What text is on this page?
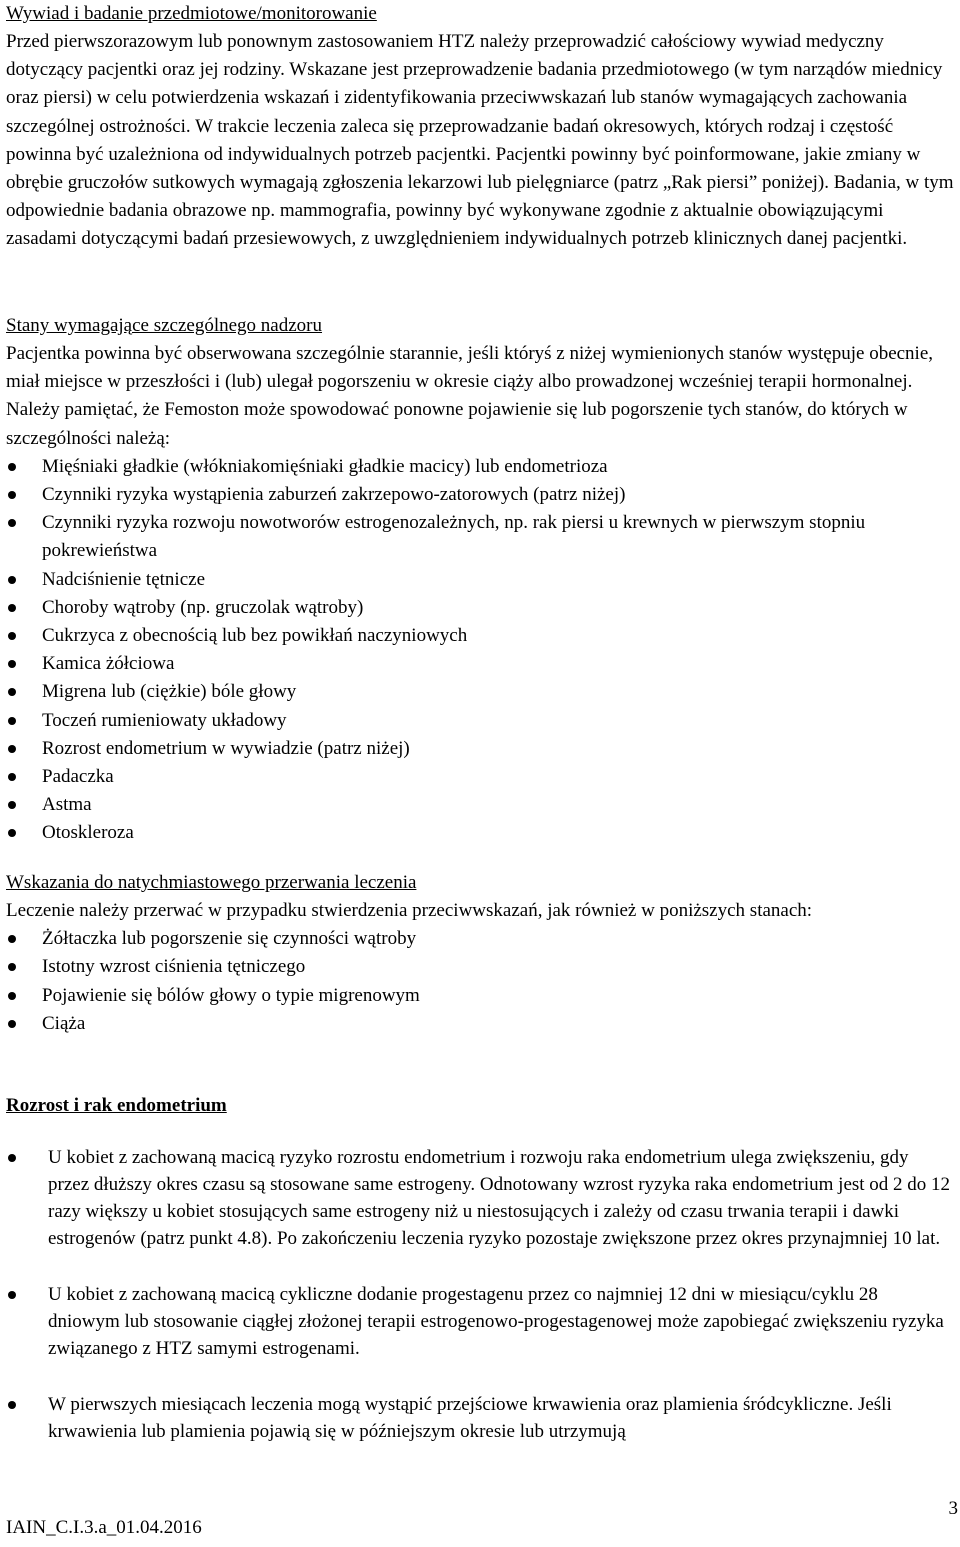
Wywiad i badanie przedmiotowe/monitorowanie

Przed pierwszorazowym lub ponownym zastosowaniem HTZ należy przeprowadzić całościowy wywiad medyczny dotyczący pacjentki oraz jej rodziny. Wskazane jest przeprowadzenie badania przedmiotowego (w tym narządów miednicy oraz piersi) w celu potwierdzenia wskazań i zidentyfikowania przeciwwskazań lub stanów wymagających zachowania szczególnej ostrożności. W trakcie leczenia zaleca się przeprowadzanie badań okresowych, których rodzaj i częstość powinna być uzależniona od indywidualnych potrzeb pacjentki. Pacjentki powinny być poinformowane, jakie zmiany w obrębie gruczołów sutkowych wymagają zgłoszenia lekarzowi lub pielęgniarce (patrz „Rak piersi” poniżej). Badania, w tym odpowiednie badania obrazowe np. mammografia, powinny być wykonywane zgodnie z aktualnie obowiązującymi zasadami dotyczącymi badań przesiewowych, z uwzględnieniem indywidualnych potrzeb klinicznych danej pacjentki.

Stany wymagające szczególnego nadzoru

Pacjentka powinna być obserwowana szczególnie starannie, jeśli któryś z niżej wymienionych stanów występuje obecnie, miał miejsce w przeszłości i (lub) ulegał pogorszeniu w okresie ciąży albo prowadzonej wcześniej terapii hormonalnej. Należy pamiętać, że Femoston może spowodować ponowne pojawienie się lub pogorszenie tych stanów, do których w szczególności należą:

Mięśniaki gładkie (włókniakomięśniaki gładkie macicy) lub endometrioza
Czynniki ryzyka wystąpienia zaburzeń zakrzepowo-zatorowych (patrz niżej)
Czynniki ryzyka rozwoju nowotworów estrogenozależnych, np. rak piersi u krewnych w pierwszym stopniu pokrewieństwa
Nadciśnienie tętnicze
Choroby wątroby (np. gruczolak wątroby)
Cukrzyca z obecnością lub bez powikłań naczyniowych
Kamica żółciowa
Migrena lub (ciężkie) bóle głowy
Toczeń rumieniowaty układowy
Rozrost endometrium w wywiadzie (patrz niżej)
Padaczka
Astma
Otoskleroza
Wskazania do natychmiastowego przerwania leczenia

Leczenie należy przerwać w przypadku stwierdzenia przeciwwskazań, jak również w poniższych stanach:

Żółtaczka lub pogorszenie się czynności wątroby
Istotny wzrost ciśnienia tętniczego
Pojawienie się bólów głowy o typie migrenowym
Ciąża
Rozrost i rak endometrium
U kobiet z zachowaną macicą ryzyko rozrostu endometrium i rozwoju raka endometrium ulega zwiększeniu, gdy przez dłuższy okres czasu są stosowane same estrogeny. Odnotowany wzrost ryzyka raka endometrium jest od 2 do 12 razy większy u kobiet stosujących same estrogeny niż u niestosujących i zależy od czasu trwania terapii i dawki estrogenów (patrz punkt 4.8). Po zakończeniu leczenia ryzyko pozostaje zwiększone przez okres przynajmniej 10 lat.
U kobiet z zachowaną macicą cykliczne dodanie progestagenu przez co najmniej 12 dni w miesiącu/cyklu 28 dniowym lub stosowanie ciągłej złożonej terapii estrogenowo-progestagenowej może zapobiegać zwiększeniu ryzyka związanego z HTZ samymi estrogenami.
W pierwszych miesiącach leczenia mogą wystąpić przejściowe krwawienia oraz plamienia śródcykliczne. Jeśli krwawienia lub plamienia pojawią się w późniejszym okresie lub utrzymują
3
IAIN_C.I.3.a_01.04.2016
